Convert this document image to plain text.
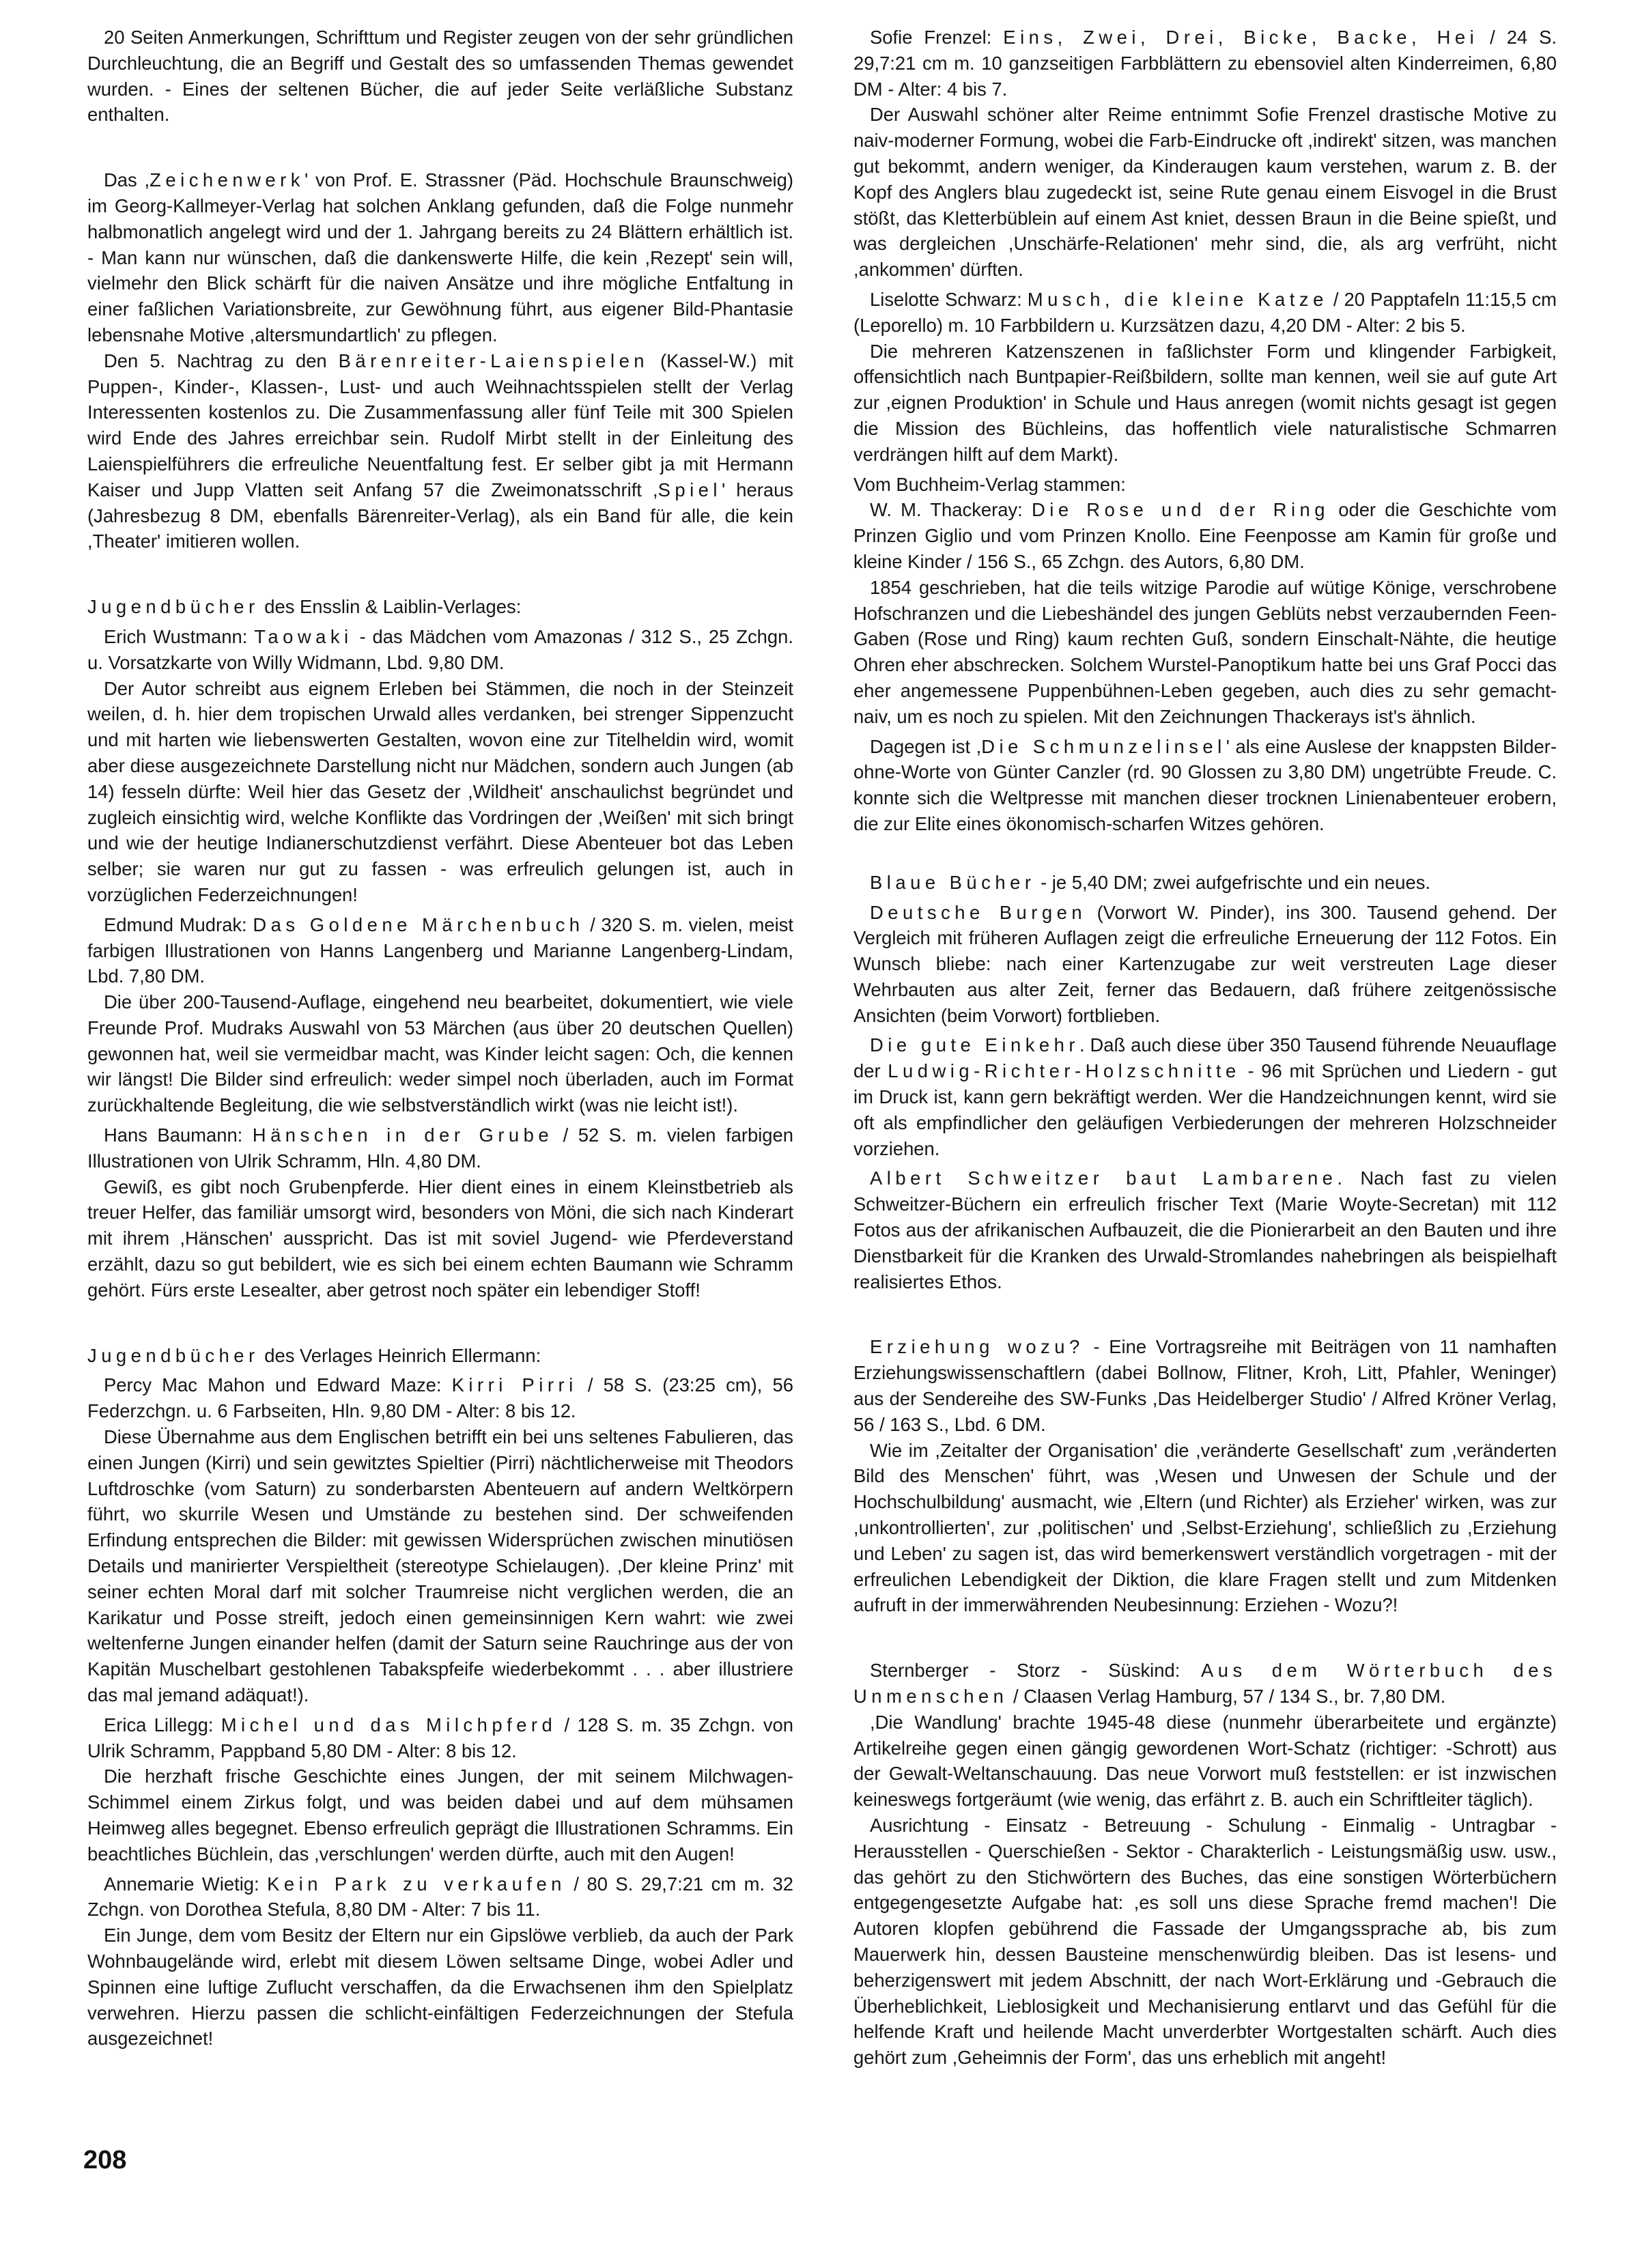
20 Seiten Anmerkungen, Schrifttum und Register zeugen von der sehr gründlichen Durchleuchtung, die an Begriff und Gestalt des so umfassenden Themas gewendet wurden. - Eines der seltenen Bücher, die auf jeder Seite verläßliche Substanz enthalten.

Das ,Zeichenwerk' von Prof. E. Strassner (Päd. Hochschule Braunschweig) im Georg-Kallmeyer-Verlag hat solchen Anklang gefunden, daß die Folge nunmehr halbmonatlich angelegt wird und der 1. Jahrgang bereits zu 24 Blättern erhältlich ist. - Man kann nur wünschen, daß die dankenswerte Hilfe, die kein ,Rezept' sein will, vielmehr den Blick schärft für die naiven Ansätze und ihre mögliche Entfaltung in einer faßlichen Variationsbreite, zur Gewöhnung führt, aus eigener Bild-Phantasie lebensnahe Motive ,altersmundartlich' zu pflegen.

Den 5. Nachtrag zu den Bärenreiter-Laienspielen (Kassel-W.) mit Puppen-, Kinder-, Klassen-, Lust- und auch Weihnachtsspielen stellt der Verlag Interessenten kostenlos zu. Die Zusammenfassung aller fünf Teile mit 300 Spielen wird Ende des Jahres erreichbar sein. Rudolf Mirbt stellt in der Einleitung des Laienspielführers die erfreuliche Neuentfaltung fest. Er selber gibt ja mit Hermann Kaiser und Jupp Vlatten seit Anfang 57 die Zweimonatsschrift ,Spiel' heraus (Jahresbezug 8 DM, ebenfalls Bärenreiter-Verlag), als ein Band für alle, die kein ,Theater' imitieren wollen.

Jugendbücher des Ensslin & Laiblin-Verlages:

Erich Wustmann: Taowaki - das Mädchen vom Amazonas / 312 S., 25 Zchgn. u. Vorsatzkarte von Willy Widmann, Lbd. 9,80 DM.

Der Autor schreibt aus eignem Erleben bei Stämmen, die noch in der Steinzeit weilen, d. h. hier dem tropischen Urwald alles verdanken, bei strenger Sippenzucht und mit harten wie liebenswerten Gestalten, wovon eine zur Titelheldin wird, womit aber diese ausgezeichnete Darstellung nicht nur Mädchen, sondern auch Jungen (ab 14) fesseln dürfte: Weil hier das Gesetz der ,Wildheit' anschaulichst begründet und zugleich einsichtig wird, welche Konflikte das Vordringen der ,Weißen' mit sich bringt und wie der heutige Indianerschutzdienst verfährt. Diese Abenteuer bot das Leben selber; sie waren nur gut zu fassen - was erfreulich gelungen ist, auch in vorzüglichen Federzeichnungen!

Edmund Mudrak: Das Goldene Märchenbuch / 320 S. m. vielen, meist farbigen Illustrationen von Hanns Langenberg und Marianne Langenberg-Lindam, Lbd. 7,80 DM.

Die über 200-Tausend-Auflage, eingehend neu bearbeitet, dokumentiert, wie viele Freunde Prof. Mudraks Auswahl von 53 Märchen (aus über 20 deutschen Quellen) gewonnen hat, weil sie vermeidbar macht, was Kinder leicht sagen: Och, die kennen wir längst! Die Bilder sind erfreulich: weder simpel noch überladen, auch im Format zurückhaltende Begleitung, die wie selbstverständlich wirkt (was nie leicht ist!).

Hans Baumann: Hänschen in der Grube / 52 S. m. vielen farbigen Illustrationen von Ulrik Schramm, Hln. 4,80 DM.

Gewiß, es gibt noch Grubenpferde. Hier dient eines in einem Kleinstbetrieb als treuer Helfer, das familiär umsorgt wird, besonders von Möni, die sich nach Kinderart mit ihrem ,Hänschen' ausspricht. Das ist mit soviel Jugend- wie Pferdeverstand erzählt, dazu so gut bebildert, wie es sich bei einem echten Baumann wie Schramm gehört. Fürs erste Lesealter, aber getrost noch später ein lebendiger Stoff!

Jugendbücher des Verlages Heinrich Ellermann:

Percy Mac Mahon und Edward Maze: Kirri Pirri / 58 S. (23:25 cm), 56 Federzchgn. u. 6 Farbseiten, Hln. 9,80 DM - Alter: 8 bis 12.

Diese Übernahme aus dem Englischen betrifft ein bei uns seltenes Fabulieren, das einen Jungen (Kirri) und sein gewitztes Spieltier (Pirri) nächtlicherweise mit Theodors Luftdroschke (vom Saturn) zu sonderbarsten Abenteuern auf andern Weltkörpern führt, wo skurrile Wesen und Umstände zu bestehen sind. Der schweifenden Erfindung entsprechen die Bilder: mit gewissen Widersprüchen zwischen minutiösen Details und manirierter Verspieltheit (stereotype Schielaugen). ,Der kleine Prinz' mit seiner echten Moral darf mit solcher Traumreise nicht verglichen werden, die an Karikatur und Posse streift, jedoch einen gemeinsinnigen Kern wahrt: wie zwei weltenferne Jungen einander helfen (damit der Saturn seine Rauchringe aus der von Kapitän Muschelbart gestohlenen Tabakspfeife wiederbekommt . . . aber illustriere das mal jemand adäquat!).

Erica Lillegg: Michel und das Milchpferd / 128 S. m. 35 Zchgn. von Ulrik Schramm, Pappband 5,80 DM - Alter: 8 bis 12.

Die herzhaft frische Geschichte eines Jungen, der mit seinem Milchwagen-Schimmel einem Zirkus folgt, und was beiden dabei und auf dem mühsamen Heimweg alles begegnet. Ebenso erfreulich geprägt die Illustrationen Schramms. Ein beachtliches Büchlein, das ,verschlungen' werden dürfte, auch mit den Augen!

Annemarie Wietig: Kein Park zu verkaufen / 80 S. 29,7:21 cm m. 32 Zchgn. von Dorothea Stefula, 8,80 DM - Alter: 7 bis 11.

Ein Junge, dem vom Besitz der Eltern nur ein Gipslöwe verblieb, da auch der Park Wohnbaugelände wird, erlebt mit diesem Löwen seltsame Dinge, wobei Adler und Spinnen eine luftige Zuflucht verschaffen, da die Erwachsenen ihm den Spielplatz verwehren. Hierzu passen die schlicht-einfältigen Federzeichnungen der Stefula ausgezeichnet!

Sofie Frenzel: Eins, Zwei, Drei, Bicke, Backe, Hei / 24 S. 29,7:21 cm m. 10 ganzseitigen Farbblättern zu ebensoviel alten Kinderreimen, 6,80 DM - Alter: 4 bis 7.

Der Auswahl schöner alter Reime entnimmt Sofie Frenzel drastische Motive zu naiv-moderner Formung, wobei die Farb-Eindrucke oft ,indirekt' sitzen, was manchen gut bekommt, andern weniger, da Kinderaugen kaum verstehen, warum z. B. der Kopf des Anglers blau zugedeckt ist, seine Rute genau einem Eisvogel in die Brust stößt, das Kletterbüblein auf einem Ast kniet, dessen Braun in die Beine spießt, und was dergleichen ,Unschärfe-Relationen' mehr sind, die, als arg verfrüht, nicht ,ankommen' dürften.

Liselotte Schwarz: Musch, die kleine Katze / 20 Papptafeln 11:15,5 cm (Leporello) m. 10 Farbbildern u. Kurzsätzen dazu, 4,20 DM - Alter: 2 bis 5.

Die mehreren Katzenszenen in faßlichster Form und klingender Farbigkeit, offensichtlich nach Buntpapier-Reißbildern, sollte man kennen, weil sie auf gute Art zur ,eignen Produktion' in Schule und Haus anregen (womit nichts gesagt ist gegen die Mission des Büchleins, das hoffentlich viele naturalistische Schmarren verdrängen hilft auf dem Markt).

Vom Buchheim-Verlag stammen:

W. M. Thackeray: Die Rose und der Ring oder die Geschichte vom Prinzen Giglio und vom Prinzen Knollo. Eine Feenposse am Kamin für große und kleine Kinder / 156 S., 65 Zchgn. des Autors, 6,80 DM.

1854 geschrieben, hat die teils witzige Parodie auf wütige Könige, verschrobene Hofschranzen und die Liebeshändel des jungen Geblüts nebst verzaubernden Feen-Gaben (Rose und Ring) kaum rechten Guß, sondern Einschalt-Nähte, die heutige Ohren eher abschrecken. Solchem Wurstel-Panoptikum hatte bei uns Graf Pocci das eher angemessene Puppenbühnen-Leben gegeben, auch dies zu sehr gemacht-naiv, um es noch zu spielen. Mit den Zeichnungen Thackerays ist's ähnlich.

Dagegen ist ,Die Schmunzelinsel' als eine Auslese der knappsten Bilder-ohne-Worte von Günter Canzler (rd. 90 Glossen zu 3,80 DM) ungetrübte Freude. C. konnte sich die Weltpresse mit manchen dieser trocknen Linienabenteuer erobern, die zur Elite eines ökonomisch-scharfen Witzes gehören.

Blaue Bücher - je 5,40 DM; zwei aufgefrischte und ein neues.

Deutsche Burgen (Vorwort W. Pinder), ins 300. Tausend gehend. Der Vergleich mit früheren Auflagen zeigt die erfreuliche Erneuerung der 112 Fotos. Ein Wunsch bliebe: nach einer Kartenzugabe zur weit verstreuten Lage dieser Wehrbauten aus alter Zeit, ferner das Bedauern, daß frühere zeitgenössische Ansichten (beim Vorwort) fortblieben.

Die gute Einkehr. Daß auch diese über 350 Tausend führende Neuauflage der Ludwig-Richter-Holzschnitte - 96 mit Sprüchen und Liedern - gut im Druck ist, kann gern bekräftigt werden. Wer die Handzeichnungen kennt, wird sie oft als empfindlicher den geläufigen Verbiederungen der mehreren Holzschneider vorziehen.

Albert Schweitzer baut Lambarene. Nach fast zu vielen Schweitzer-Büchern ein erfreulich frischer Text (Marie Woyte-Secretan) mit 112 Fotos aus der afrikanischen Aufbauzeit, die die Pionierarbeit an den Bauten und ihre Dienstbarkeit für die Kranken des Urwald-Stromlandes nahebringen als beispielhaft realisiertes Ethos.

Erziehung wozu? - Eine Vortragsreihe mit Beiträgen von 11 namhaften Erziehungswissenschaftlern (dabei Bollnow, Flitner, Kroh, Litt, Pfahler, Weninger) aus der Sendereihe des SW-Funks ,Das Heidelberger Studio' / Alfred Kröner Verlag, 56 / 163 S., Lbd. 6 DM.

Wie im ,Zeitalter der Organisation' die ,veränderte Gesellschaft' zum ,veränderten Bild des Menschen' führt, was ,Wesen und Unwesen der Schule und der Hochschulbildung' ausmacht, wie ,Eltern (und Richter) als Erzieher' wirken, was zur ,unkontrollierten', zur ,politischen' und ,Selbst-Erziehung', schließlich zu ,Erziehung und Leben' zu sagen ist, das wird bemerkenswert verständlich vorgetragen - mit der erfreulichen Lebendigkeit der Diktion, die klare Fragen stellt und zum Mitdenken aufruft in der immerwährenden Neubesinnung: Erziehen - Wozu?!

Sternberger - Storz - Süskind: Aus dem Wörterbuch des Unmenschen / Claasen Verlag Hamburg, 57 / 134 S., br. 7,80 DM.

,Die Wandlung' brachte 1945-48 diese (nunmehr überarbeitete und ergänzte) Artikelreihe gegen einen gängig gewordenen Wort-Schatz (richtiger: -Schrott) aus der Gewalt-Weltanschauung. Das neue Vorwort muß feststellen: er ist inzwischen keineswegs fortgeräumt (wie wenig, das erfährt z. B. auch ein Schriftleiter täglich).

Ausrichtung - Einsatz - Betreuung - Schulung - Einmalig - Untragbar - Herausstellen - Querschießen - Sektor - Charakterlich - Leistungsmäßig usw. usw., das gehört zu den Stichwörtern des Buches, das eine sonstigen Wörterbüchern entgegengesetzte Aufgabe hat: ,es soll uns diese Sprache fremd machen'! Die Autoren klopfen gebührend die Fassade der Umgangssprache ab, bis zum Mauerwerk hin, dessen Bausteine menschenwürdig bleiben. Das ist lesens- und beherzigenswert mit jedem Abschnitt, der nach Wort-Erklärung und -Gebrauch die Überheblichkeit, Lieblosigkeit und Mechanisierung entlarvt und das Gefühl für die helfende Kraft und heilende Macht unverderbter Wortgestalten schärft. Auch dies gehört zum ,Geheimnis der Form', das uns erheblich mit angeht!

208
